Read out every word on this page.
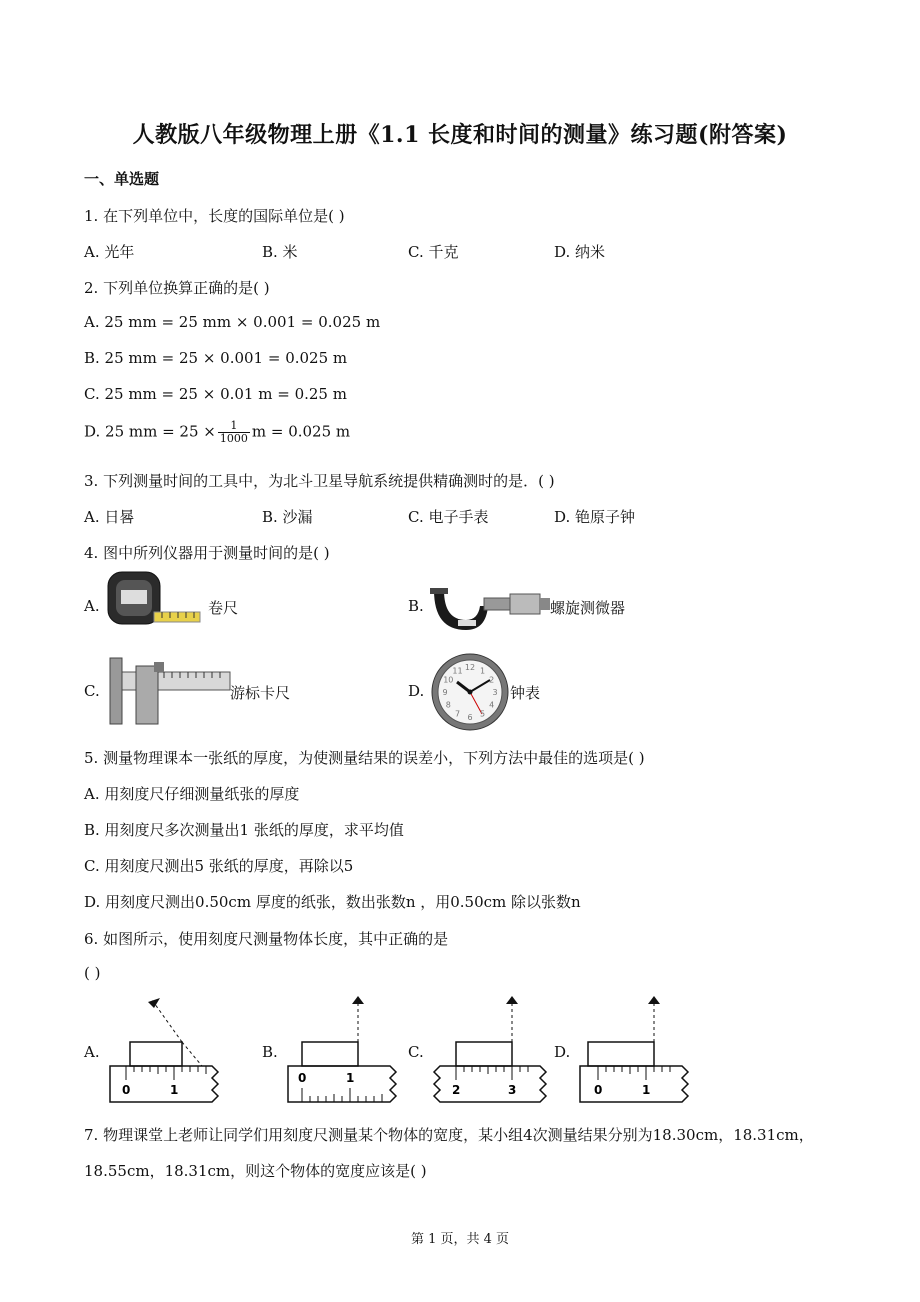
人教版八年级物理上册《1.1 长度和时间的测量》练习题(附答案)
一、单选题
1. 在下列单位中，长度的国际单位是( )
A. 光年	B. 米	C. 千克	D. 纳米
2. 下列单位换算正确的是( )
A. 25 mm = 25 mm × 0.001 = 0.025 m
B. 25 mm = 25 × 0.001 = 0.025 m
C. 25 mm = 25 × 0.01 m = 0.25 m
D. 25 mm = $25 \times \frac{1}{1000}$ m = 0.025 m
3. 下列测量时间的工具中，为北斗卫星导航系统提供精确测时的是．( )
A. 日晷	B. 沙漏	C. 电子手表	D. 铯原子钟
4. 图中所列仪器用于测量时间的是( )
A.	卷尺	B.	螺旋测微器
C.	游标卡尺	D.
12 1
2
3
4
5
6
7
8
9
10
11
钟表
5. 测量物理课本一张纸的厚度，为使测量结果的误差小，下列方法中最佳的选项是( )
A. 用刻度尺仔细测量纸张的厚度
B. 用刻度尺多次测量出1 张纸的厚度，求平均值
C. 用刻度尺测出5 张纸的厚度，再除以5
D. 用刻度尺测出0.50cm 厚度的纸张，数出张数n ，用0.50cm 除以张数n
6. 如图所示，使用刻度尺测量物体长度，其中正确的是
( )
A.
0	1
B.
0	1
C.
2	3
D.
0	1
7. 物理课堂上老师让同学们用刻度尺测量某个物体的宽度，某小组4次测量结果分别为18.30cm，18.31cm，
18.55cm，18.31cm，则这个物体的宽度应该是( )
第 1 页，共 4 页
